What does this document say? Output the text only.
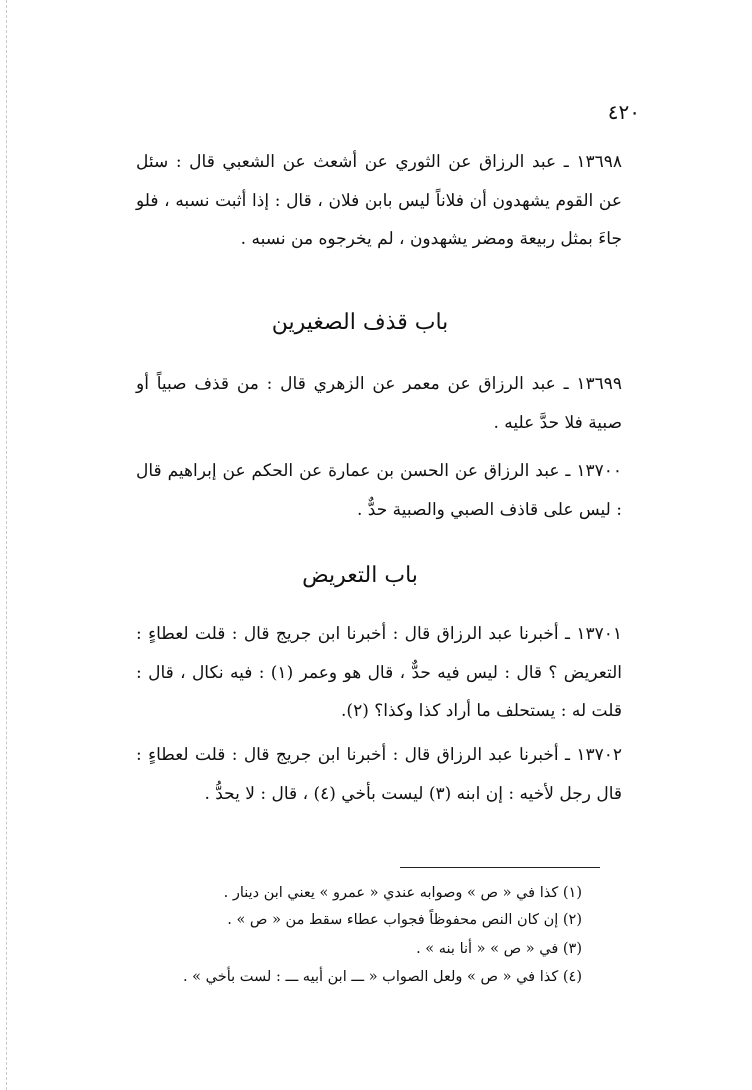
٤٢٠

١٣٦٩٨ ـ عبد الرزاق عن الثوري عن أشعث عن الشعبي قال : سئل عن القوم يشهدون أن فلاناً ليس بابن فلان ، قال : إذا أثبت نسبه ، فلو جاءَ بمثل ربيعة ومضر يشهدون ، لم يخرجوه من نسبه .

باب قذف الصغيرين

١٣٦٩٩ ـ عبد الرزاق عن معمر عن الزهري قال : من قذف صبياً أو صبية فلا حدَّ عليه .

١٣٧٠٠ ـ عبد الرزاق عن الحسن بن عمارة عن الحكم عن إبراهيم قال : ليس على قاذف الصبي والصبية حدٌّ .

باب التعريض

١٣٧٠١ ـ أخبرنا عبد الرزاق قال : أخبرنا ابن جريج قال : قلت لعطاءٍ : التعريض ؟ قال : ليس فيه حدٌّ ، قال هو وعمر (١) : فيه نكال ، قال : قلت له : يستحلف ما أراد كذا وكذا؟ (٢).

١٣٧٠٢ ـ أخبرنا عبد الرزاق قال : أخبرنا ابن جريج قال : قلت لعطاءٍ : قال رجل لأخيه : إن ابنه (٣) ليست بأخي (٤) ، قال : لا يحدُّ .

(١) كذا في « ص » وصوابه عندي « عمرو » يعني ابن دينار .
(٢) إن كان النص محفوظاً فجواب عطاء سقط من « ص » .
(٣) في « ص » « أنا بنه » .
(٤) كذا في « ص » ولعل الصواب « ـــ ابن أبيه ـــ : لست بأخي » .
